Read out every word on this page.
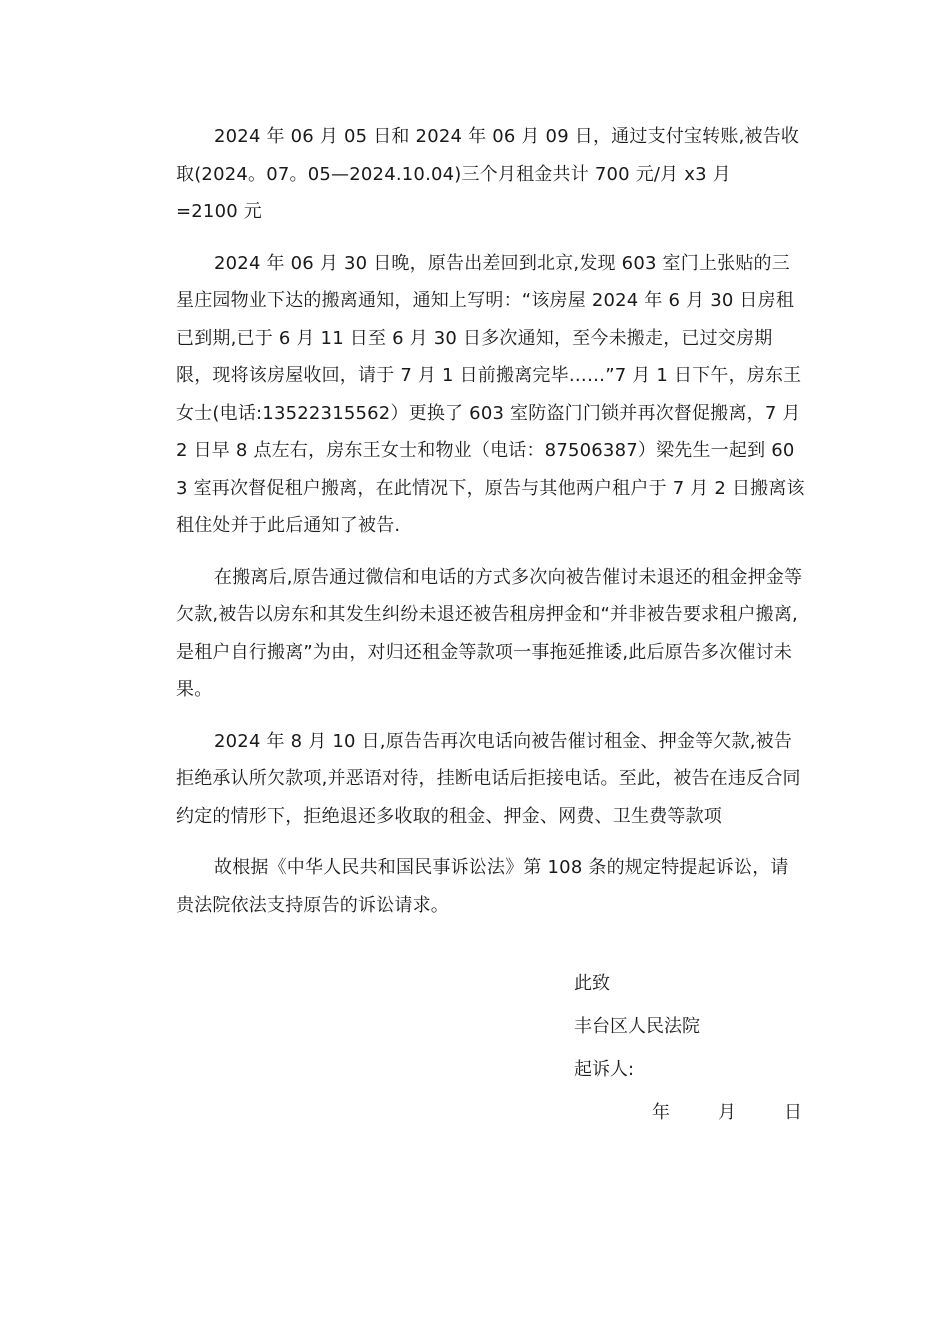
2024 年 06 月 05 日和 2024 年 06 月 09 日，通过支付宝转账,被告收取(2024。07。05—2024.10.04)三个月租金共计 700 元/月 x3 月
=2100 元

2024 年 06 月 30 日晚，原告出差回到北京,发现 603 室门上张贴的三星庄园物业下达的搬离通知，通知上写明：“该房屋 2024 年 6 月 30 日房租已到期,已于 6 月 11 日至 6 月 30 日多次通知，至今未搬走，已过交房期限，现将该房屋收回，请于 7 月 1 日前搬离完毕……”7 月 1 日下午，房东王女士(电话:13522315562）更换了 603 室防盗门门锁并再次督促搬离，7 月 2 日早 8 点左右，房东王女士和物业（电话：87506387）梁先生一起到 603 室再次督促租户搬离，在此情况下，原告与其他两户租户于 7 月 2 日搬离该租住处并于此后通知了被告.

在搬离后,原告通过微信和电话的方式多次向被告催讨未退还的租金押金等欠款,被告以房东和其发生纠纷未退还被告租房押金和“并非被告要求租户搬离,是租户自行搬离”为由，对归还租金等款项一事拖延推诿,此后原告多次催讨未果。

2024 年 8 月 10 日,原告告再次电话向被告催讨租金、押金等欠款,被告拒绝承认所欠款项,并恶语对待，挂断电话后拒接电话。至此，被告在违反合同约定的情形下，拒绝退还多收取的租金、押金、网费、卫生费等款项

故根据《中华人民共和国民事诉讼法》第 108 条的规定特提起诉讼，请贵法院依法支持原告的诉讼请求。

此致

丰台区人民法院

起诉人:

年	月	日
